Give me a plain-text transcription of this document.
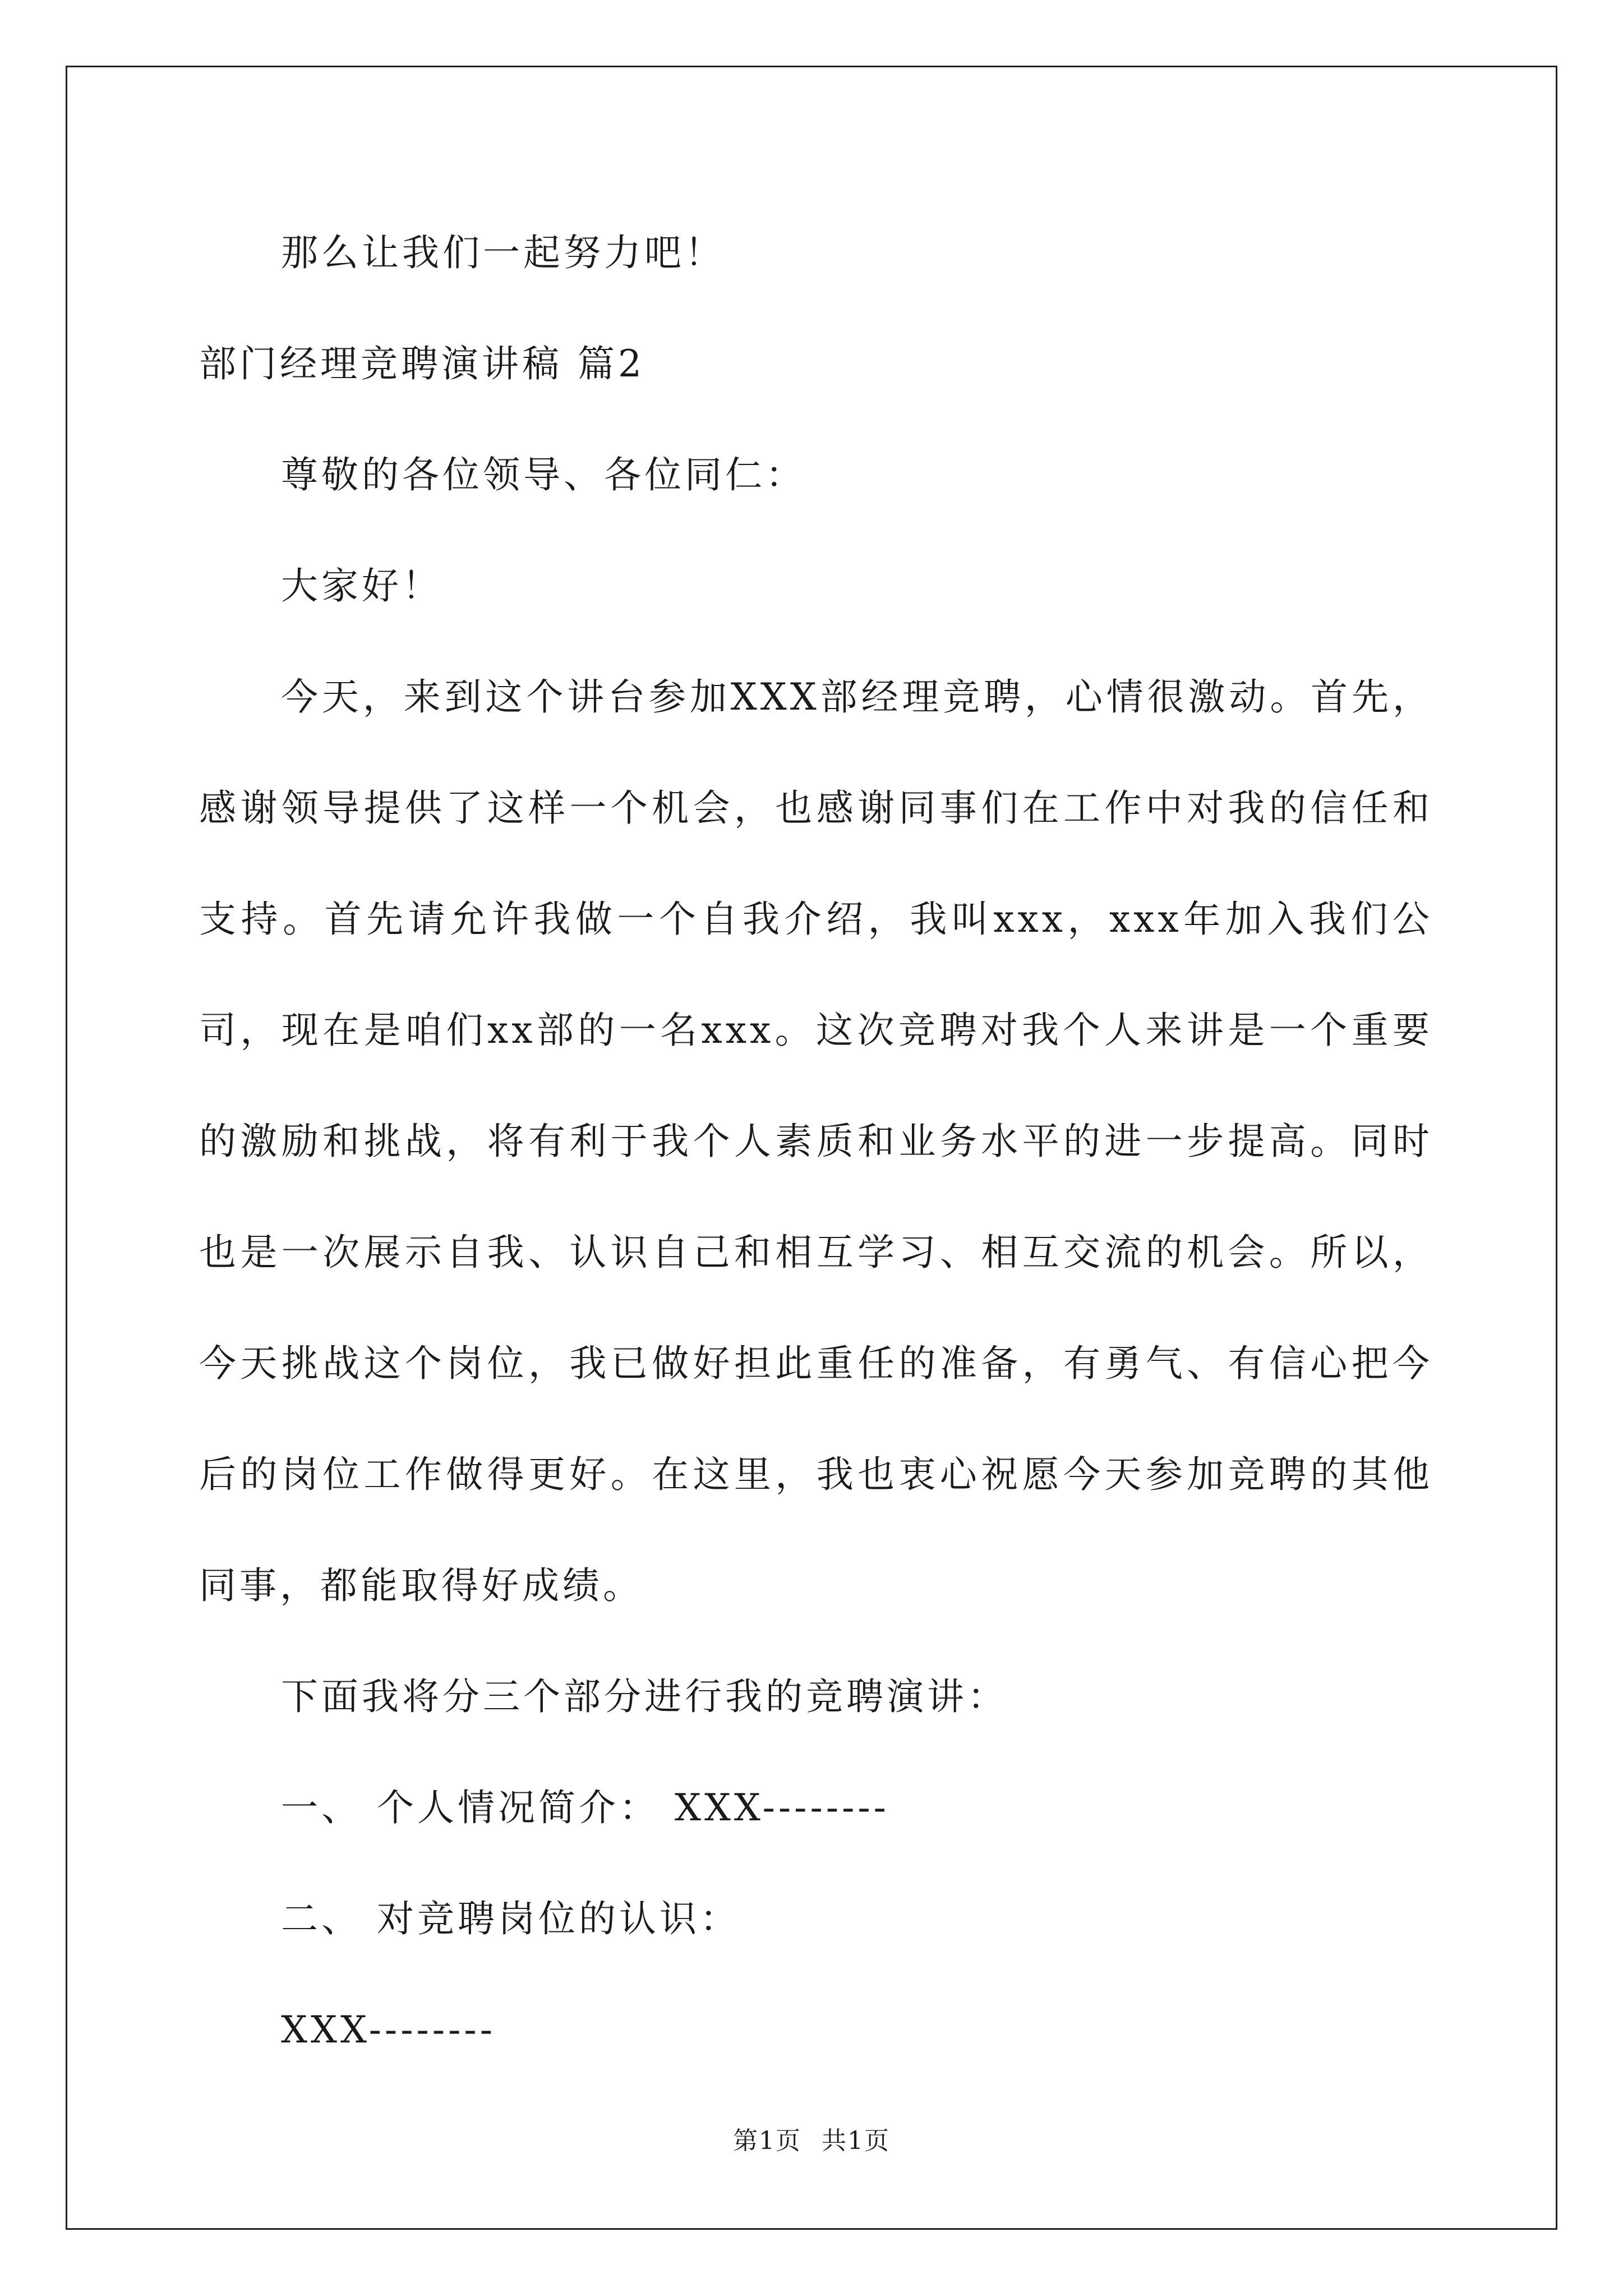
那么让我们一起努力吧！

部门经理竞聘演讲稿 篇2

尊敬的各位领导、各位同仁：

大家好！

今天，来到这个讲台参加XXX部经理竞聘，心情很激动。首先，感谢领导提供了这样一个机会，也感谢同事们在工作中对我的信任和支持。首先请允许我做一个自我介绍，我叫xxx，xxx年加入我们公司，现在是咱们xx部的一名xxx。这次竞聘对我个人来讲是一个重要的激励和挑战，将有利于我个人素质和业务水平的进一步提高。同时也是一次展示自我、认识自己和相互学习、相互交流的机会。所以，今天挑战这个岗位，我已做好担此重任的准备，有勇气、有信心把今后的岗位工作做得更好。在这里，我也衷心祝愿今天参加竞聘的其他同事，都能取得好成绩。

下面我将分三个部分进行我的竞聘演讲：

一、 个人情况简介： XXX--------

二、 对竞聘岗位的认识：

XXX--------

第1页 共1页
